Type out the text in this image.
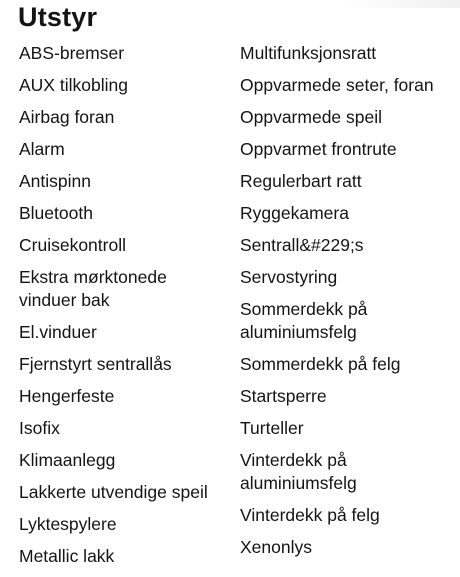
Utstyr
ABS-bremser
AUX tilkobling
Airbag foran
Alarm
Antispinn
Bluetooth
Cruisekontroll
Ekstra mørktonede vinduer bak
El.vinduer
Fjernstyrt sentrallås
Hengerfeste
Isofix
Klimaanlegg
Lakkerte utvendige speil
Lyktespylere
Metallic lakk
Multifunksjonsratt
Oppvarmede seter, foran
Oppvarmede speil
Oppvarmet frontrute
Regulerbart ratt
Ryggekamera
Sentrall&#229;s
Servostyring
Sommerdekk på aluminiumsfelg
Sommerdekk på felg
Startsperre
Turteller
Vinterdekk på aluminiumsfelg
Vinterdekk på felg
Xenonlys
